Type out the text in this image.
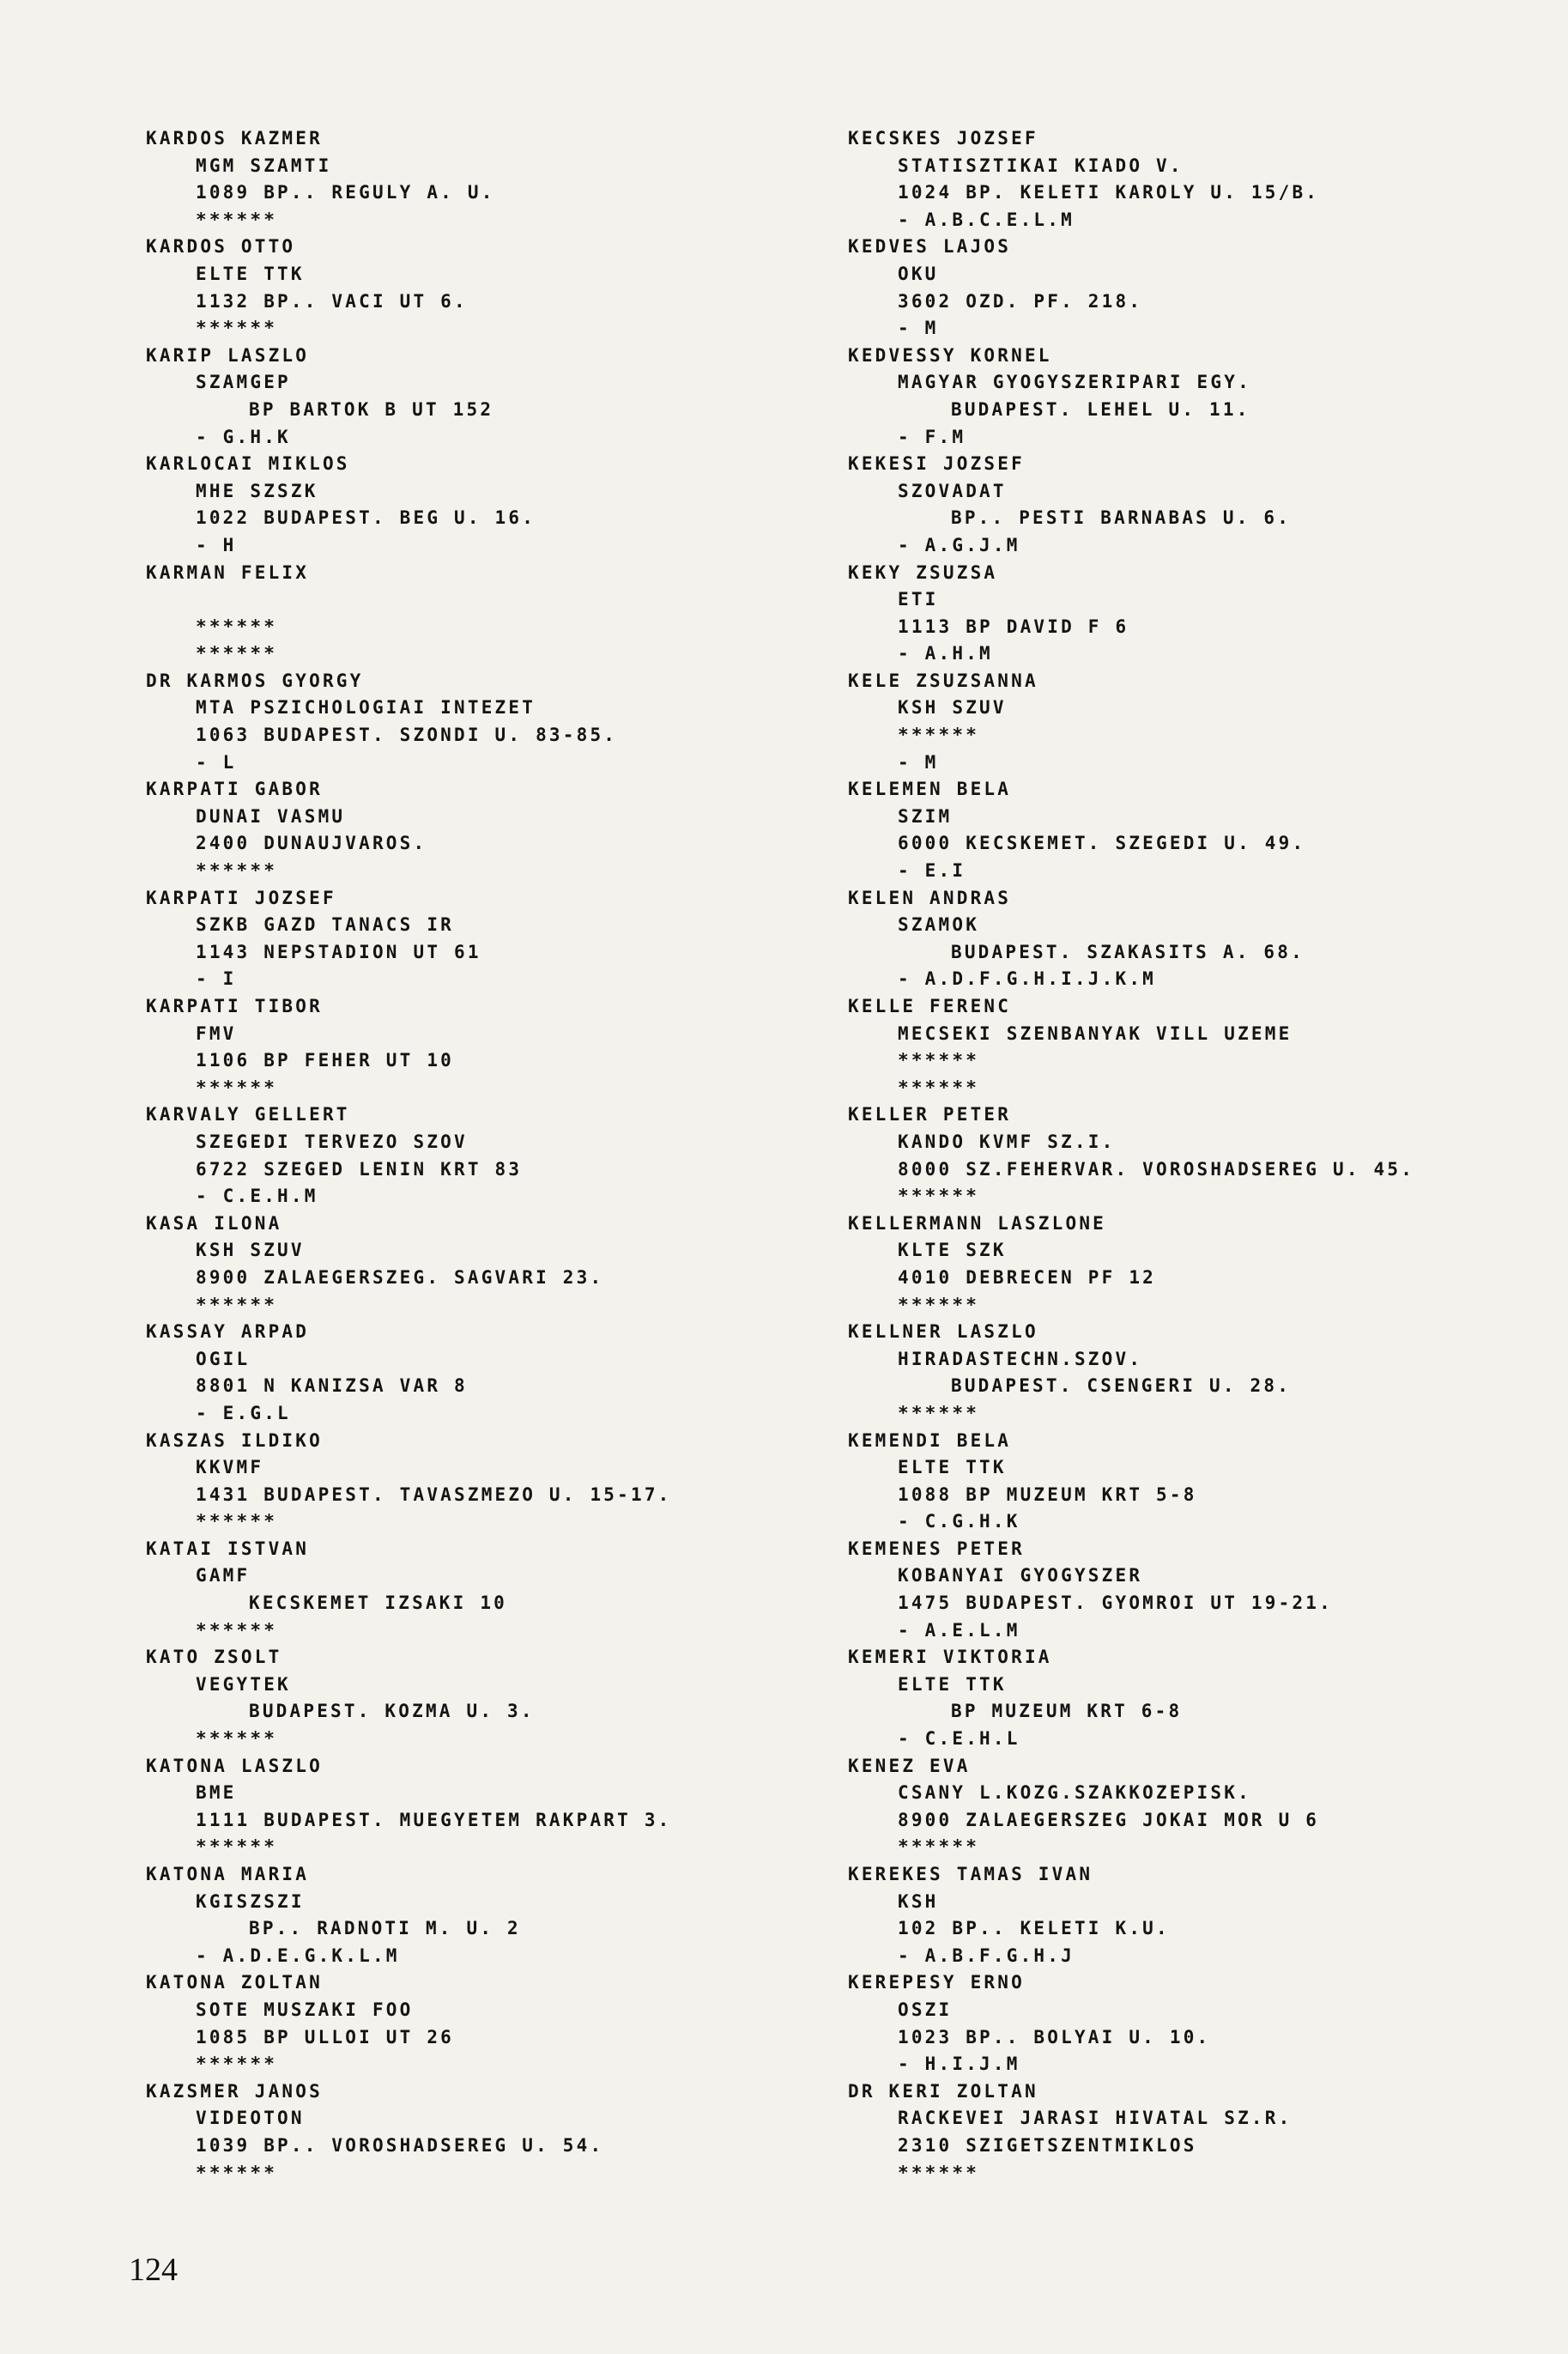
KARDOS KAZMER
MGM SZAMTI
1089 BP.. REGULY A. U.
******
KARDOS OTTO
ELTE TTK
1132 BP.. VACI UT 6.
******
KARIP LASZLO
SZAMGEP
BP BARTOK B UT 152
- G.H.K
KARLOCAI MIKLOS
MHE SZSZK
1022 BUDAPEST. BEG U. 16.
- H
KARMAN FELIX
******
******
DR KARMOS GYORGY
MTA PSZICHOLOGIAI INTEZET
1063 BUDAPEST. SZONDI U. 83-85.
- L
KARPATI GABOR
DUNAI VASMU
2400 DUNAUJVAROS.
******
KARPATI JOZSEF
SZKB GAZD TANACS IR
1143 NEPSTADION UT 61
- I
KARPATI TIBOR
FMV
1106 BP FEHER UT 10
******
KARVALY GELLERT
SZEGEDI TERVEZO SZOV
6722 SZEGED LENIN KRT 83
- C.E.H.M
KASA ILONA
KSH SZUV
8900 ZALAEGERSZEG. SAGVARI 23.
******
KASSAY ARPAD
OGIL
8801 N KANIZSA VAR 8
- E.G.L
KASZAS ILDIKO
KKVMF
1431 BUDAPEST. TAVASZMEZO U. 15-17.
******
KATAI ISTVAN
GAMF
KECSKEMET IZSAKI 10
******
KATO ZSOLT
VEGYTEK
BUDAPEST. KOZMA U. 3.
******
KATONA LASZLO
BME
1111 BUDAPEST. MUEGYETEM RAKPART 3.
******
KATONA MARIA
KGISZSZI
BP.. RADNOTI M. U. 2
- A.D.E.G.K.L.M
KATONA ZOLTAN
SOTE MUSZAKI FOO
1085 BP ULLOI UT 26
******
KAZSMER JANOS
VIDEOTON
1039 BP.. VOROSHADSEREG U. 54.
******
KECSKES JOZSEF
STATISZTIKAI KIADO V.
1024 BP. KELETI KAROLY U. 15/B.
- A.B.C.E.L.M
KEDVES LAJOS
OKU
3602 OZD. PF. 218.
- M
KEDVESSY KORNEL
MAGYAR GYOGYSZERIPARI EGY.
BUDAPEST. LEHEL U. 11.
- F.M
KEKESI JOZSEF
SZOVADAT
BP.. PESTI BARNABAS U. 6.
- A.G.J.M
KEKY ZSUZSA
ETI
1113 BP DAVID F 6
- A.H.M
KELE ZSUZSANNA
KSH SZUV
******
- M
KELEMEN BELA
SZIM
6000 KECSKEMET. SZEGEDI U. 49.
- E.I
KELEN ANDRAS
SZAMOK
BUDAPEST. SZAKASITS A. 68.
- A.D.F.G.H.I.J.K.M
KELLE FERENC
MECSEKI SZENBANYAK VILL UZEME
******
******
KELLER PETER
KANDO KVMF SZ.I.
8000 SZ.FEHERVAR. VOROSHADSEREG U. 45.
******
KELLERMANN LASZLONE
KLTE SZK
4010 DEBRECEN PF 12
******
KELLNER LASZLO
HIRADASTECHN.SZOV.
BUDAPEST. CSENGERI U. 28.
******
KEMENDI BELA
ELTE TTK
1088 BP MUZEUM KRT 5-8
- C.G.H.K
KEMENES PETER
KOBANYAI GYOGYSZER
1475 BUDAPEST. GYOMROI UT 19-21.
- A.E.L.M
KEMERI VIKTORIA
ELTE TTK
BP MUZEUM KRT 6-8
- C.E.H.L
KENEZ EVA
CSANY L.KOZG.SZAKKOZEPISK.
8900 ZALAEGERSZEG JOKAI MOR U 6
******
KEREKES TAMAS IVAN
KSH
102 BP.. KELETI K.U.
- A.B.F.G.H.J
KEREPESY ERNO
OSZI
1023 BP.. BOLYAI U. 10.
- H.I.J.M
DR KERI ZOLTAN
RACKEVEI JARASI HIVATAL SZ.R.
2310 SZIGETSZENTMIKLOS
******
124
